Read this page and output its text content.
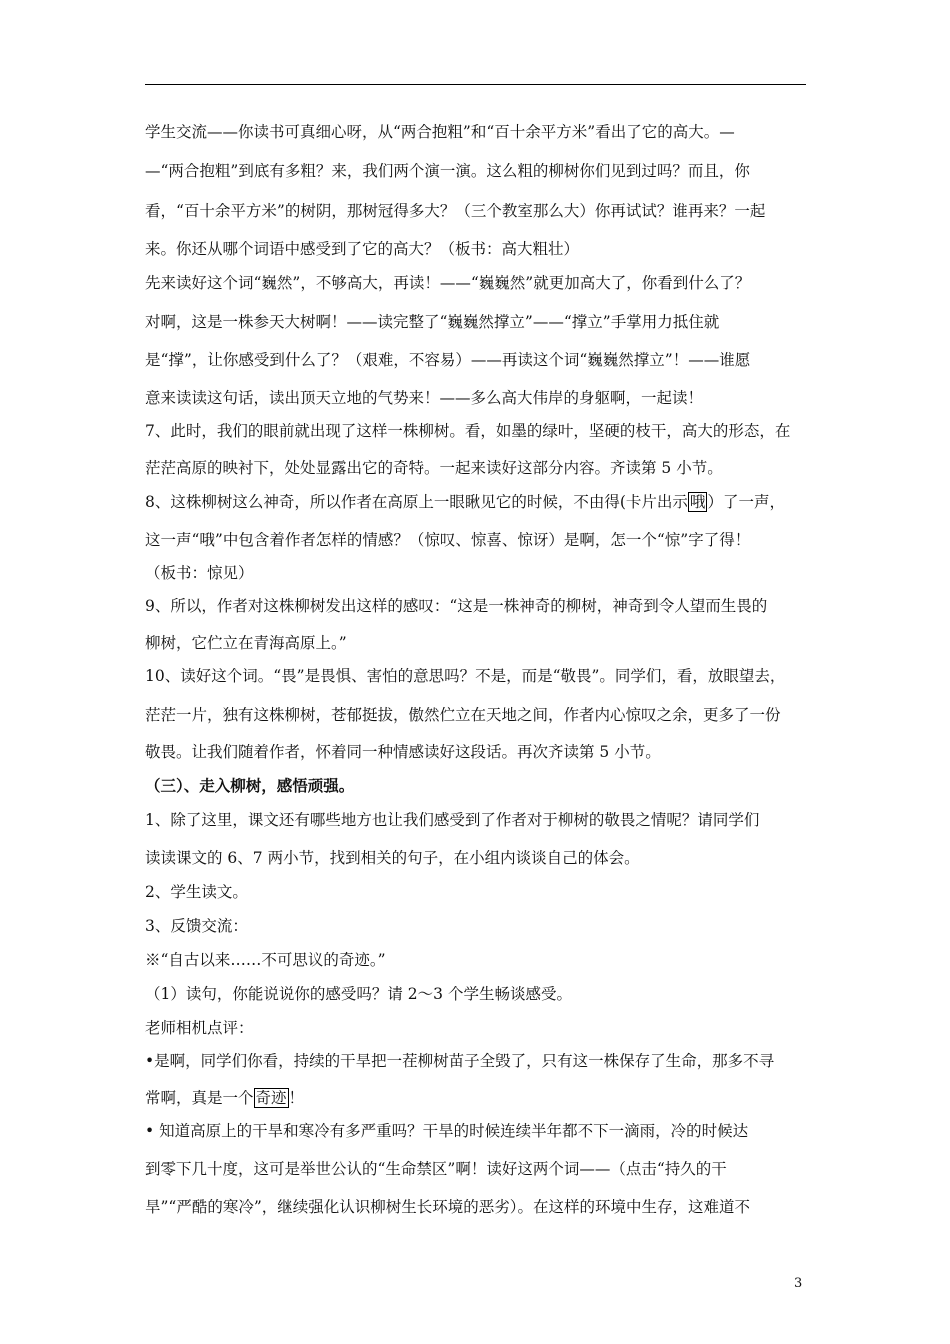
学生交流——你读书可真细心呀，从“两合抱粗”和“百十余平方米”看出了它的高大。—
—“两合抱粗”到底有多粗？来，我们两个演一演。这么粗的柳树你们见到过吗？而且，你
看，“百十余平方米”的树阴，那树冠得多大？（三个教室那么大）你再试试？谁再来？一起
来。你还从哪个词语中感受到了它的高大？（板书：高大粗壮）
先来读好这个词“巍然”，不够高大，再读！——“巍巍然”就更加高大了，你看到什么了？
对啊，这是一株参天大树啊！——读完整了“巍巍然撑立”——“撑立”手掌用力抵住就
是“撑”，让你感受到什么了？（艰难，不容易）——再读这个词“巍巍然撑立”！——谁愿
意来读读这句话，读出顶天立地的气势来！——多么高大伟岸的身躯啊，一起读！
7、此时，我们的眼前就出现了这样一株柳树。看，如墨的绿叶，坚硬的枝干，高大的形态，在
茫茫高原的映衬下，处处显露出它的奇特。一起来读好这部分内容。齐读第 5 小节。
8、这株柳树这么神奇，所以作者在高原上一眼瞅见它的时候，不由得(卡片出示 哦 ）了一声，
这一声“哦”中包含着作者怎样的情感？（惊叹、惊喜、惊讶）是啊，怎一个“惊”字了得！
（板书：惊见）
9、所以，作者对这株柳树发出这样的感叹：“这是一株神奇的柳树，神奇到令人望而生畏的
柳树，它伫立在青海高原上。”
10、读好这个词。“畏”是畏惧、害怕的意思吗？不是，而是“敬畏”。同学们，看，放眼望去，
茫茫一片，独有这株柳树，苍郁挺拔，傲然伫立在天地之间，作者内心惊叹之余，更多了一份
敬畏。让我们随着作者，怀着同一种情感读好这段话。再次齐读第 5 小节。
（三）、走入柳树，感悟顽强。
1、除了这里，课文还有哪些地方也让我们感受到了作者对于柳树的敬畏之情呢？请同学们
读读课文的 6、7 两小节，找到相关的句子，在小组内谈谈自己的体会。
2、学生读文。
3、反馈交流：
※“自古以来……不可思议的奇迹。”
（1）读句，你能说说你的感受吗？请 2～3 个学生畅谈感受。
老师相机点评：
•是啊，同学们你看，持续的干旱把一茬柳树苗子全毁了，只有这一株保存了生命，那多不寻
常啊，真是一个 奇迹 ！
• 知道高原上的干旱和寒冷有多严重吗？干旱的时候连续半年都不下一滴雨，冷的时候达
到零下几十度，这可是举世公认的“生命禁区”啊！读好这两个词——（点击“持久的干
旱”“严酷的寒冷”，继续强化认识柳树生长环境的恶劣）。在这样的环境中生存，这难道不
3
